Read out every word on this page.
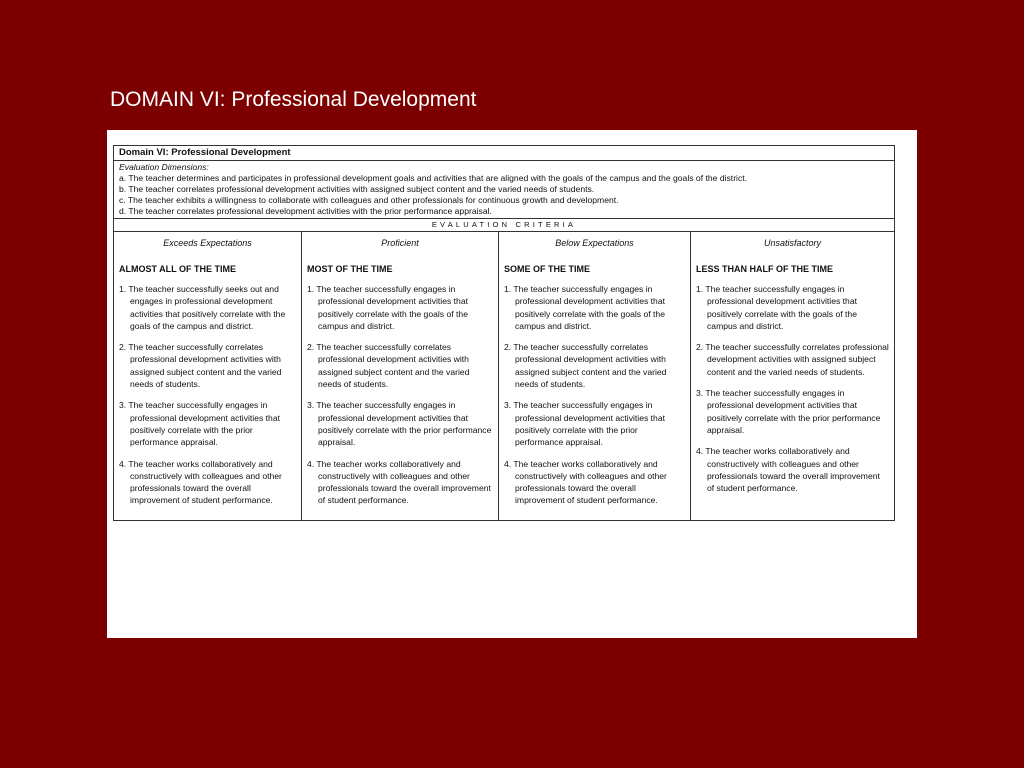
DOMAIN VI: Professional Development
Domain VI: Professional Development
Evaluation Dimensions:
a. The teacher determines and participates in professional development goals and activities that are aligned with the goals of the campus and the goals of the district.
b. The teacher correlates professional development activities with assigned subject content and the varied needs of students.
c. The teacher exhibits a willingness to collaborate with colleagues and other professionals for continuous growth and development.
d. The teacher correlates professional development activities with the prior performance appraisal.
EVALUATION CRITERIA
Exceeds Expectations
ALMOST ALL OF THE TIME
1. The teacher successfully seeks out and engages in professional development activities that positively correlate with the goals of the campus and district.
2. The teacher successfully correlates professional development activities with assigned subject content and the varied needs of students.
3. The teacher successfully engages in professional development activities that positively correlate with the prior performance appraisal.
4. The teacher works collaboratively and constructively with colleagues and other professionals toward the overall improvement of student performance.
Proficient
MOST OF THE TIME
1. The teacher successfully engages in professional development activities that positively correlate with the goals of the campus and district.
2. The teacher successfully correlates professional development activities with assigned subject content and the varied needs of students.
3. The teacher successfully engages in professional development activities that positively correlate with the prior performance appraisal.
4. The teacher works collaboratively and constructively with colleagues and other professionals toward the overall improvement of student performance.
Below Expectations
SOME OF THE TIME
1. The teacher successfully engages in professional development activities that positively correlate with the goals of the campus and district.
2. The teacher successfully correlates professional development activities with assigned subject content and the varied needs of students.
3. The teacher successfully engages in professional development activities that positively correlate with the prior performance appraisal.
4. The teacher works collaboratively and constructively with colleagues and other professionals toward the overall improvement of student performance.
Unsatisfactory
LESS THAN HALF OF THE TIME
1. The teacher successfully engages in professional development activities that positively correlate with the goals of the campus and district.
2. The teacher successfully correlates professional development activities with assigned subject content and the varied needs of students.
3. The teacher successfully engages in professional development activities that positively correlate with the prior performance appraisal.
4. The teacher works collaboratively and constructively with colleagues and other professionals toward the overall improvement of student performance.
